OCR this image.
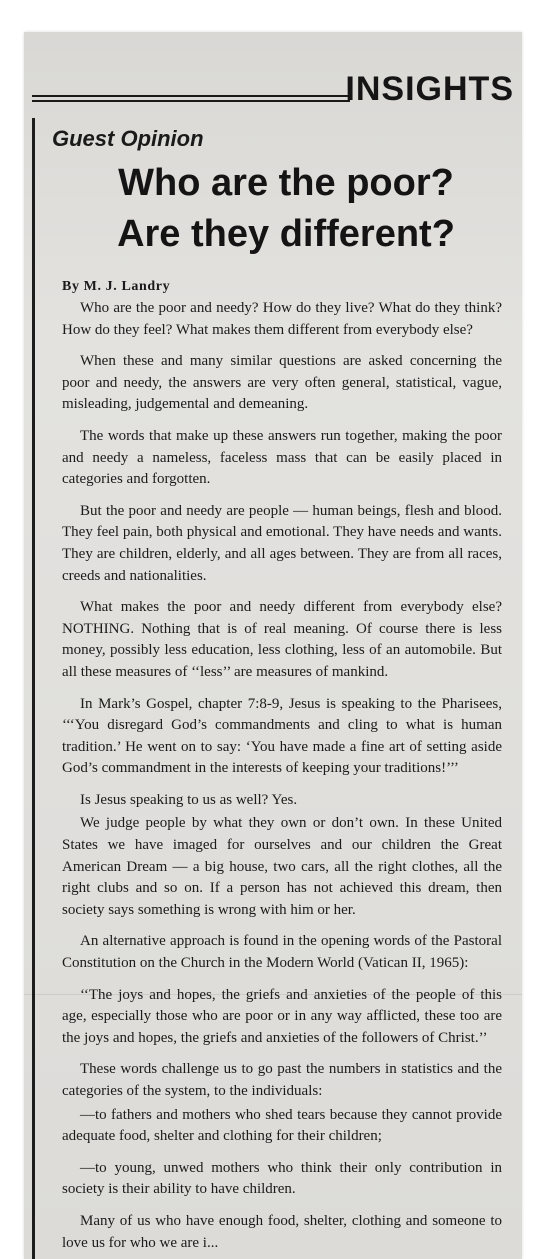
INSIGHTS
Guest Opinion
Who are the poor?
Are they different?
By M. J. Landry

Who are the poor and needy? How do they live? What do they think? How do they feel? What makes them different from everybody else?

When these and many similar questions are asked concerning the poor and needy, the answers are very often general, statistical, vague, misleading, judgemental and demeaning.

The words that make up these answers run together, making the poor and needy a nameless, faceless mass that can be easily placed in categories and forgotten.

But the poor and needy are people — human beings, flesh and blood. They feel pain, both physical and emotional. They have needs and wants. They are children, elderly, and all ages between. They are from all races, creeds and nationalities.

What makes the poor and needy different from everybody else? NOTHING. Nothing that is of real meaning. Of course there is less money, possibly less education, less clothing, less of an automobile. But all these measures of ‘‘less’’ are measures of mankind.

In Mark’s Gospel, chapter 7:8-9, Jesus is speaking to the Pharisees, ‘‘‘You disregard God’s commandments and cling to what is human tradition.’ He went on to say: ‘You have made a fine art of setting aside God’s commandment in the interests of keeping your traditions!’’’

Is Jesus speaking to us as well? Yes.

We judge people by what they own or don’t own. In these United States we have imaged for ourselves and our children the Great American Dream — a big house, two cars, all the right clothes, all the right clubs and so on. If a person has not achieved this dream, then society says something is wrong with him or her.

An alternative approach is found in the opening words of the Pastoral Constitution on the Church in the Modern World (Vatican II, 1965):

‘‘The joys and hopes, the griefs and anxieties of the people of this age, especially those who are poor or in any way afflicted, these too are the joys and hopes, the griefs and anxieties of the followers of Christ.’’

These words challenge us to go past the numbers in statistics and the categories of the system, to the individuals:

—to fathers and mothers who shed tears because they cannot provide adequate food, shelter and clothing for their children;

—to young, unwed mothers who think their only contribution in society is their ability to have children.

Many of us who have enough food, shelter, clothing and someone to love us for who we are i...
